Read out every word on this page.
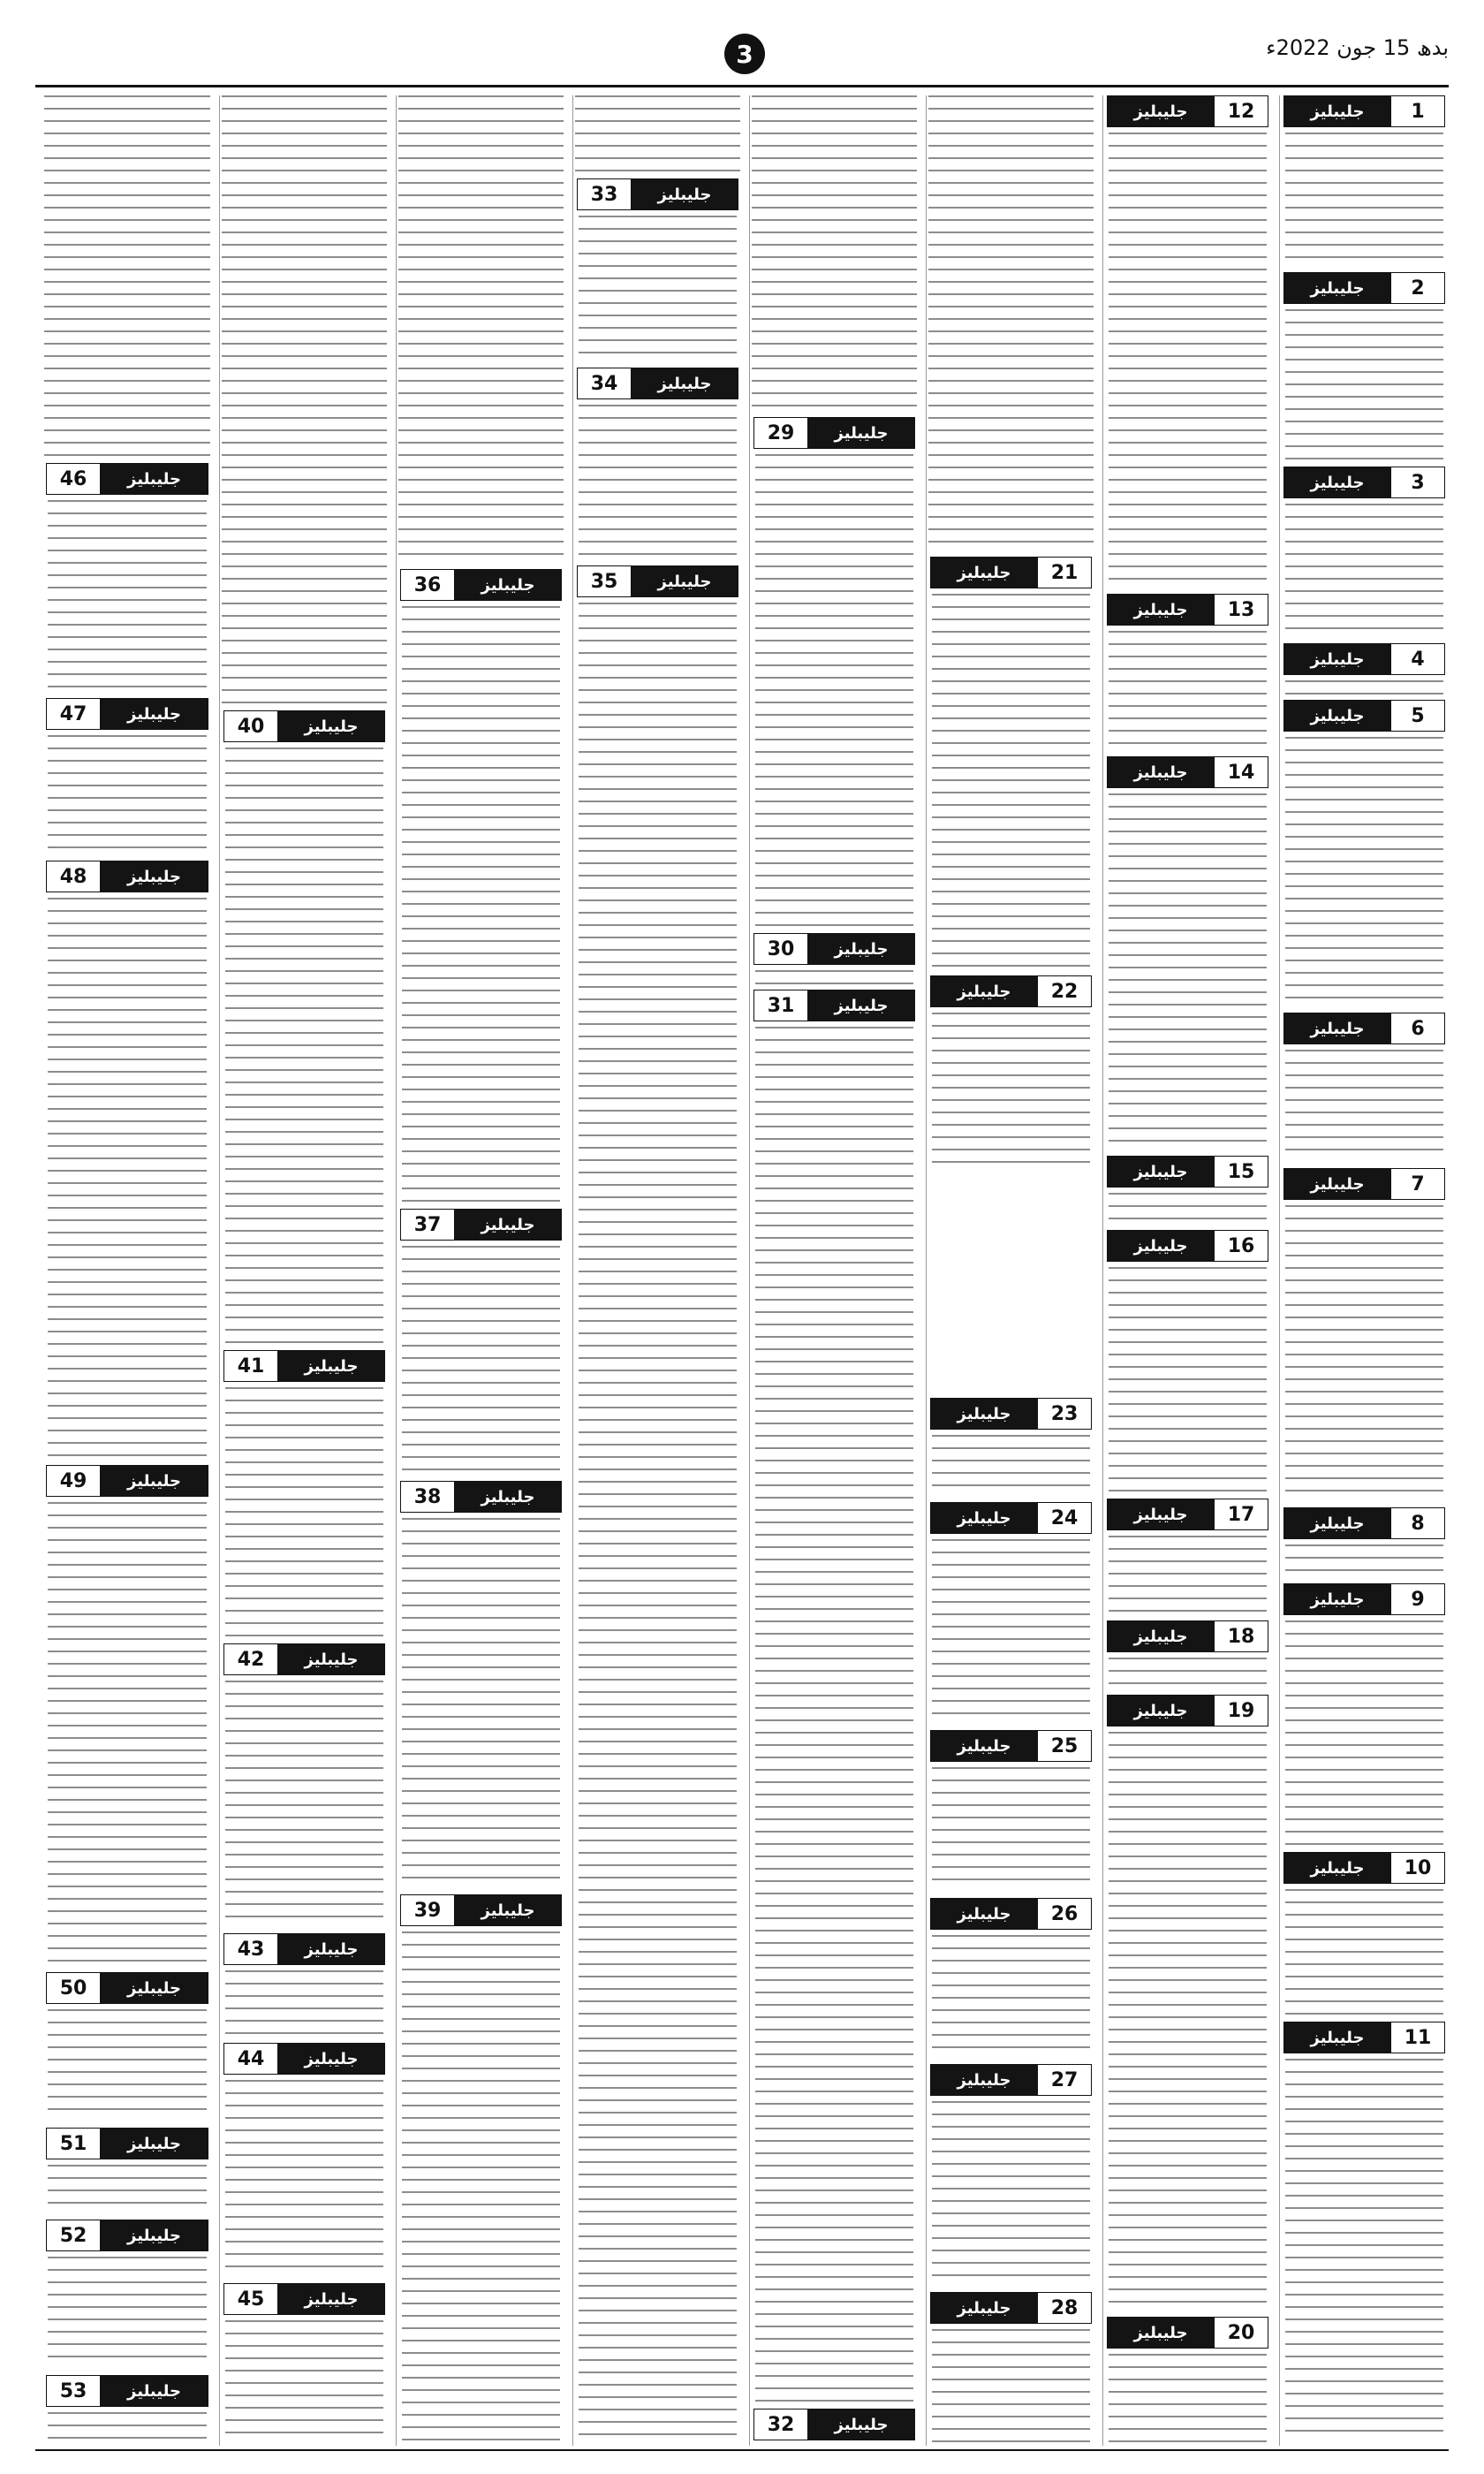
3	بدھ 15 جون 2022ء
1
جلیبلیز
2
جلیبلیز
3
جلیبلیز
4
جلیبلیز
5
جلیبلیز
6
جلیبلیز
7
جلیبلیز
8
جلیبلیز
9
جلیبلیز
10
جلیبلیز
11
جلیبلیز
12
جلیبلیز
13
جلیبلیز
14
جلیبلیز
15
جلیبلیز
16
جلیبلیز
17
جلیبلیز
18
جلیبلیز
19
جلیبلیز
20
جلیبلیز
21
جلیبلیز
22
جلیبلیز
23
جلیبلیز
24
جلیبلیز
25
جلیبلیز
26
جلیبلیز
27
جلیبلیز
28
جلیبلیز
29	جلیبلیز
30	جلیبلیز
31	جلیبلیز
32	جلیبلیز
33	جلیبلیز
34	جلیبلیز
35	جلیبلیز
36	جلیبلیز
37	جلیبلیز
38	جلیبلیز
39	جلیبلیز
40	جلیبلیز
41	جلیبلیز
42	جلیبلیز
43	جلیبلیز
44	جلیبلیز
45	جلیبلیز
46	جلیبلیز
47	جلیبلیز
48	جلیبلیز
49	جلیبلیز
50	جلیبلیز
51	جلیبلیز
52	جلیبلیز
53	جلیبلیز
